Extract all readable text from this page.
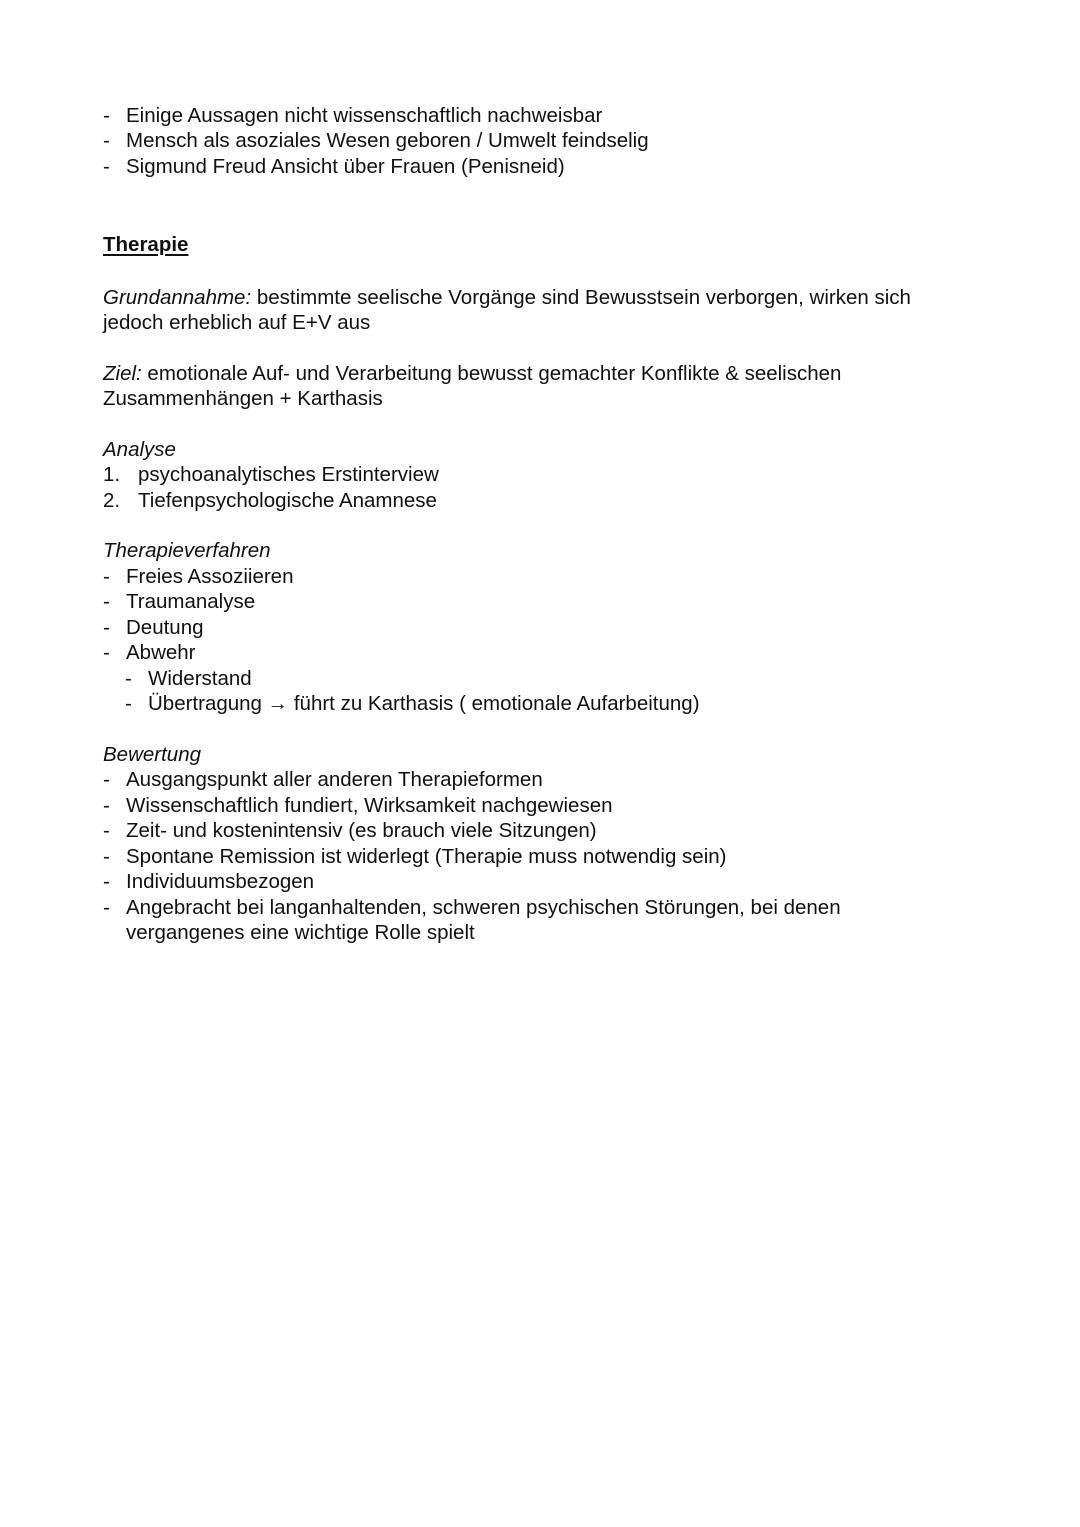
- Einige Aussagen nicht wissenschaftlich nachweisbar
- Mensch als asoziales Wesen geboren / Umwelt feindselig
- Sigmund Freud Ansicht über Frauen (Penisneid)
Therapie
Grundannahme: bestimmte seelische Vorgänge sind Bewusstsein verborgen, wirken sich
jedoch erheblich auf E+V aus
Ziel: emotionale Auf- und Verarbeitung bewusst gemachter Konflikte & seelischen
Zusammenhängen + Karthasis
Analyse
1. psychoanalytisches Erstinterview
2. Tiefenpsychologische Anamnese
Therapieverfahren
- Freies Assoziieren
- Traumanalyse
- Deutung
- Abwehr
- Widerstand
- Übertragung → führt zu Karthasis ( emotionale Aufarbeitung)
Bewertung
- Ausgangspunkt aller anderen Therapieformen
- Wissenschaftlich fundiert, Wirksamkeit nachgewiesen
- Zeit- und kostenintensiv (es brauch viele Sitzungen)
- Spontane Remission ist widerlegt (Therapie muss notwendig sein)
- Individuumsbezogen
- Angebracht bei langanhaltenden, schweren psychischen Störungen, bei denen
vergangenes eine wichtige Rolle spielt
